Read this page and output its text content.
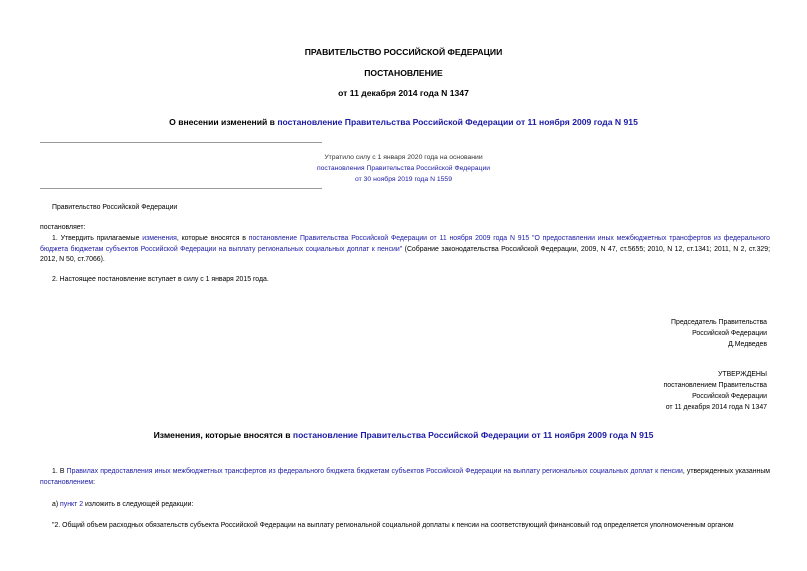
ПРАВИТЕЛЬСТВО РОССИЙСКОЙ ФЕДЕРАЦИИ
ПОСТАНОВЛЕНИЕ
от 11 декабря 2014 года N 1347
О внесении изменений в постановление Правительства Российской Федерации от 11 ноября 2009 года N 915
Утратило силу с 1 января 2020 года на основании
постановления Правительства Российской Федерации
от 30 ноября 2019 года N 1559
Правительство Российской Федерации
постановляет:
1. Утвердить прилагаемые изменения, которые вносятся в постановление Правительства Российской Федерации от 11 ноября 2009 года N 915 "О предоставлении иных межбюджетных трансфертов из федерального бюджета бюджетам субъектов Российской Федерации на выплату региональных социальных доплат к пенсии" (Собрание законодательства Российской Федерации, 2009, N 47, ст.5655; 2010, N 12, ст.1341; 2011, N 2, ст.329; 2012, N 50, ст.7066).
2. Настоящее постановление вступает в силу с 1 января 2015 года.
Председатель Правительства
Российской Федерации
Д.Медведев
УТВЕРЖДЕНЫ
постановлением Правительства
Российской Федерации
от 11 декабря 2014 года N 1347
Изменения, которые вносятся в постановление Правительства Российской Федерации от 11 ноября 2009 года N 915
1. В Правилах предоставления иных межбюджетных трансфертов из федерального бюджета бюджетам субъектов Российской Федерации на выплату региональных социальных доплат к пенсии, утвержденных указанным постановлением:
а) пункт 2 изложить в следующей редакции:
"2. Общий объем расходных обязательств субъекта Российской Федерации на выплату региональной социальной доплаты к пенсии на соответствующий финансовый год определяется уполномоченным органом
